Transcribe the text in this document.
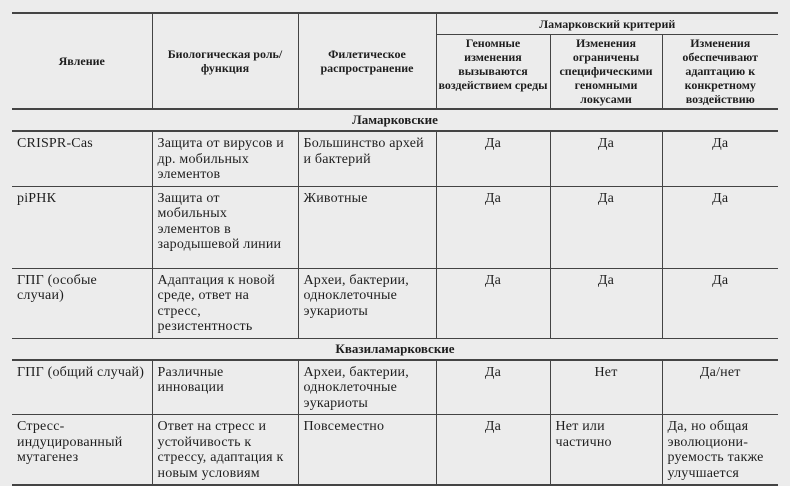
Явление	Биологическая роль/ функция	Филетическое распространение	Ламарковский критерий		
			Геномные изменения вызываются воздействием среды	Изменения ограничены специфическими геномными локусами	Изменения обеспечивают адаптацию к конкретному воздействию
Ламарковские					
CRISPR-Cas	Защита от вирусов и др. мобильных элементов	Большинство архей и бактерий	Да	Да	Да
piРНК	Защита от мобильных элементов в зародышевой линии	Животные	Да	Да	Да
ГПГ (особые случаи)	Адаптация к новой среде, ответ на стресс, резистентность	Археи, бактерии, одноклеточные эукариоты	Да	Да	Да
Квазиламарковские					
ГПГ (общий случай)	Различные инновации	Археи, бактерии, одноклеточные эукариоты	Да	Нет	Да/нет
Стресс-индуцированный мутагенез	Ответ на стресс и устойчивость к стрессу, адаптация к новым условиям	Повсеместно	Да	Нет или частично	Да, но общая эволюциони-руемость также улучшается
